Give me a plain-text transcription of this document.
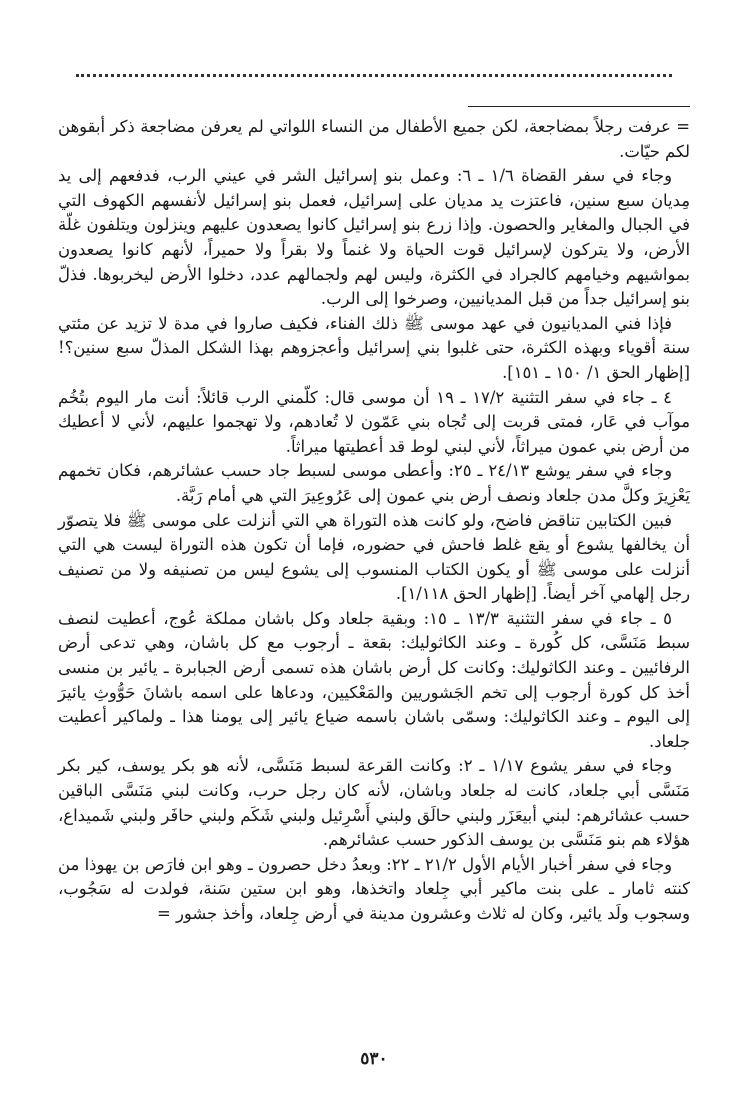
= عرفت رجلاً بمضاجعة، لكن جميع الأطفال من النساء اللواتي لم يعرفن مضاجعة ذكر أبقوهن لكم حيّات.

وجاء في سفر القضاة ١/٦ ـ ٦: وعمل بنو إسرائيل الشر في عيني الرب، فدفعهم إلى يد مِديان سبع سنين، فاعتزت يد مديان على إسرائيل، فعمل بنو إسرائيل لأنفسهم الكهوف التي في الجبال والمغاير والحصون. وإذا زرع بنو إسرائيل كانوا يصعدون عليهم وينزلون ويتلفون غلّة الأرض، ولا يتركون لإسرائيل قوت الحياة ولا غنماً ولا بقراً ولا حميراً، لأنهم كانوا يصعدون بمواشيهم وخيامهم كالجراد في الكثرة، وليس لهم ولجمالهم عدد، دخلوا الأرض ليخربوها. فذلّ بنو إسرائيل جداً من قبل المديانيين، وصرخوا إلى الرب.

فإذا فني المديانيون في عهد موسى ﷺ ذلك الفناء، فكيف صاروا في مدة لا تزيد عن مئتي سنة أقوياء وبهذه الكثرة، حتى غلبوا بني إسرائيل وأعجزوهم بهذا الشكل المذلّ سبع سنين؟! [إظهار الحق ١/ ١٥٠ ـ ١٥١].

٤ ـ جاء في سفر التثنية ١٧/٢ ـ ١٩ أن موسى قال: كلّمني الرب قائلاً: أنت مار اليوم بتُخُم موآب في عَار، فمتى قربت إلى تُجاه بني عَمّون لا تُعادهم، ولا تهجموا عليهم، لأني لا أعطيك من أرض بني عمون ميراثاً، لأني لبني لوط قد أعطيتها ميراثاً.

وجاء في سفر يوشع ٢٤/١٣ ـ ٢٥: وأعطى موسى لسبط جاد حسب عشائرهم، فكان تخمهم يَعْزِيرَ وكلَّ مدن جلعاد ونصف أرض بني عمون إلى عَرُوعِيرَ التي هي أمام رَبَّة.

فبين الكتابين تناقض فاضح، ولو كانت هذه التوراة هي التي أنزلت على موسى ﷺ فلا يتصوّر أن يخالفها يشوع أو يقع غلط فاحش في حضوره، فإما أن تكون هذه التوراة ليست هي التي أنزلت على موسى ﷺ أو يكون الكتاب المنسوب إلى يشوع ليس من تصنيفه ولا من تصنيف رجل إلهامي آخر أيضاً. [إظهار الحق ١/١١٨].

٥ ـ جاء في سفر التثنية ١٣/٣ ـ ١٥: وبقية جلعاد وكل باشان مملكة عُوج، أعطيت لنصف سبط مَنَسَّى، كل كُورة ـ وعند الكاثوليك: بقعة ـ أرجوب مع كل باشان، وهي تدعى أرض الرفائيين ـ وعند الكاثوليك: وكانت كل أرض باشان هذه تسمى أرض الجبابرة ـ يائير بن منسى أخذ كل كورة أرجوب إلى تخم الجَشوريين والمَعْكيين، ودعاها على اسمه باشانَ حَوُّوثِ يائيرَ إلى اليوم ـ وعند الكاثوليك: وسمّى باشان باسمه ضياع يائير إلى يومنا هذا ـ ولماكير أعطيت جلعاد.

وجاء في سفر يشوع ١/١٧ ـ ٢: وكانت القرعة لسبط مَنَسَّى، لأنه هو بكر يوسف، كير بكر مَنَسَّى أبي جلعاد، كانت له جلعاد وباشان، لأنه كان رجل حرب، وكانت لبني مَنَسَّى الباقين حسب عشائرهم: لبني أبيعَزَر ولبني حالَق ولبني أَسْرِئيل ولبني شَكَم ولبني حافَر ولبني شَميداع، هؤلاء هم بنو مَنَسَّى بن يوسف الذكور حسب عشائرهم.

وجاء في سفر أخبار الأيام الأول ٢١/٢ ـ ٢٢: وبعدُ دخل حصرون ـ وهو ابن فارَص بن يهوذا من كنته ثامار ـ على بنت ماكير أبي جِلعاد واتخذها، وهو ابن ستين سَنة، فولدت له سَجُوب، وسجوب ولَد يائير، وكان له ثلاث وعشرون مدينة في أرض جِلعاد، وأخذ جشور =

٥٣٠
